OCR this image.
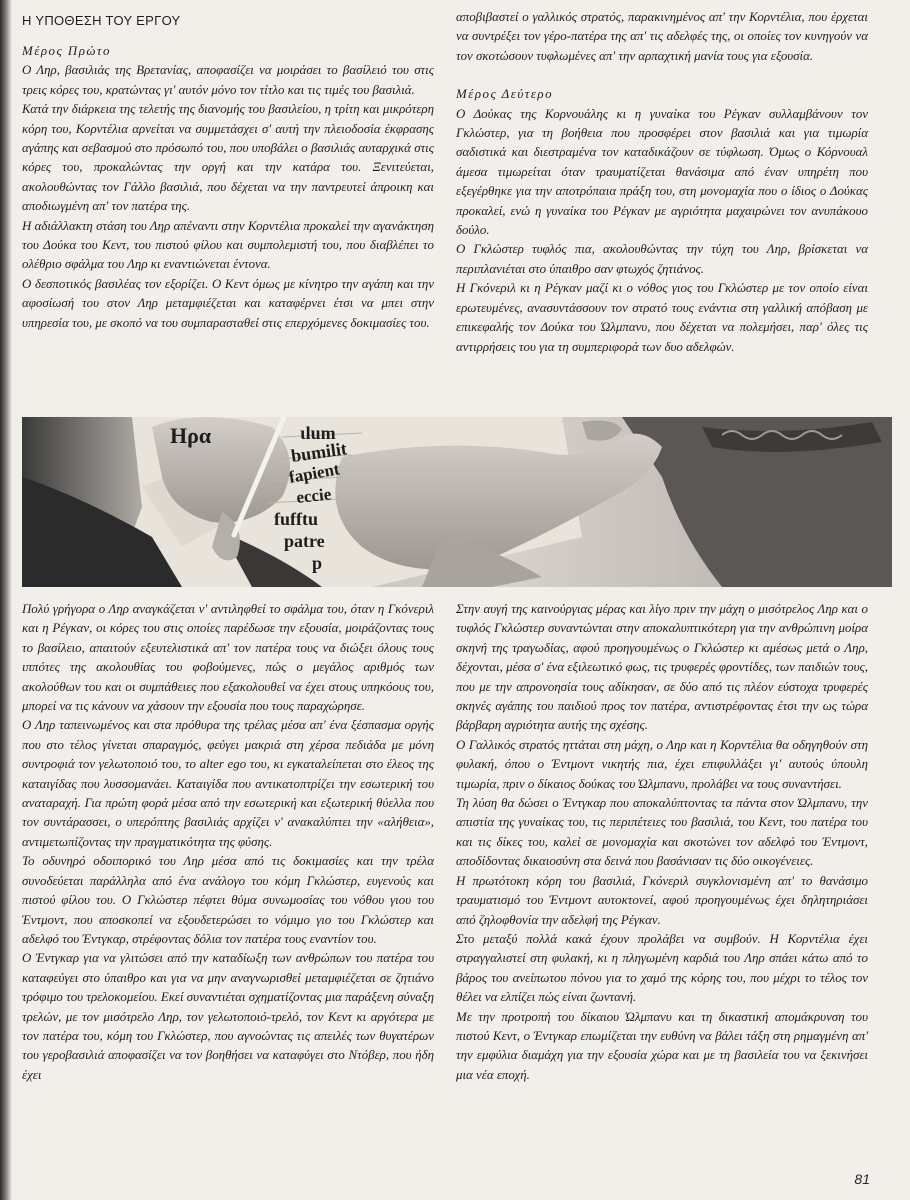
Η ΥΠΟΘΕΣΗ ΤΟΥ ΕΡΓΟΥ

Μέρος Πρώτο

Ο Ληρ, βασιλιάς της Βρετανίας, αποφασίζει να μοιράσει το βασίλειό του στις τρεις κόρες του, κρατώντας γι' αυτόν μόνο τον τίτλο και τις τιμές του βασιλιά.

Κατά την διάρκεια της τελετής της διανομής του βασιλείου, η τρίτη και μικρότερη κόρη του, Κορντέλια αρνείται να συμμετάσχει σ' αυτή την πλειοδοσία έκφρασης αγάπης και σεβασμού στο πρόσωπό του, που υποβάλει ο βασιλιάς αυταρχικά στις κόρες του, προκαλώντας την οργή και την κατάρα του. Ξενιτεύεται, ακολουθώντας τον Γάλλο βασιλιά, που δέχεται να την παντρευτεί άπροικη και αποδιωγμένη απ' τον πατέρα της.

Η αδιάλλακτη στάση του Ληρ απέναντι στην Κορντέλια προκαλεί την αγανάκτηση του Δούκα του Κεντ, του πιστού φίλου και συμπολεμιστή του, που διαβλέπει το ολέθριο σφάλμα του Ληρ κι εναντιώνεται έντονα.

Ο δεσποτικός βασιλέας τον εξορίζει. Ο Κεντ όμως με κίνητρο την αγάπη και την αφοσίωσή του στον Ληρ μεταμφιέζεται και καταφέρνει έτσι να μπει στην υπηρεσία του, με σκοπό να του συμπαρασταθεί στις επερχόμενες δοκιμασίες του.

αποβιβαστεί ο γαλλικός στρατός, παρακινημένος απ' την Κορντέλια, που έρχεται να συντρέξει τον γέρο-πατέρα της απ' τις αδελφές της, οι οποίες τον κυνηγούν να τον σκοτώσουν τυφλωμένες απ' την αρπαχτική μανία τους για εξουσία.

Μέρος Δεύτερο

Ο Δούκας της Κορνουάλης κι η γυναίκα του Ρέγκαν συλλαμβάνουν τον Γκλώστερ, για τη βοήθεια που προσφέρει στον βασιλιά και για τιμωρία σαδιστικά και διεστραμένα τον καταδικάζουν σε τύφλωση. Όμως ο Κόρνουαλ άμεσα τιμωρείται όταν τραυματίζεται θανάσιμα από έναν υπηρέτη που εξεγέρθηκε για την αποτρόπαια πράξη του, στη μονομαχία που ο ίδιος ο Δούκας προκαλεί, ενώ η γυναίκα του Ρέγκαν με αγριότητα μαχαιρώνει τον ανυπάκουο δούλο.

Ο Γκλώστερ τυφλός πια, ακολουθώντας την τύχη του Ληρ, βρίσκεται να περιπλανιέται στο ύπαιθρο σαν φτωχός ζητιάνος.

Η Γκόνεριλ κι η Ρέγκαν μαζί κι ο νόθος γιος του Γκλώστερ με τον οποίο είναι ερωτευμένες, ανασυντάσσουν τον στρατό τους ενάντια στη γαλλική απόβαση με επικεφαλής τον Δούκα του Ώλμπανυ, που δέχεται να πολεμήσει, παρ' όλες τις αντιρρήσεις του για τη συμπεριφορά των δυο αδελφών.

Ηρα	ιlum
bumilit
fapient
eccie
fufftu
patre
p

Πολύ γρήγορα ο Ληρ αναγκάζεται ν' αντιληφθεί το σφάλμα του, όταν η Γκόνεριλ και η Ρέγκαν, οι κόρες του στις οποίες παρέδωσε την εξουσία, μοιράζοντας τους το βασίλειο, απαιτούν εξευτελιστικά απ' τον πατέρα τους να διώξει όλους τους ιππότες της ακολουθίας του φοβούμενες, πώς ο μεγάλος αριθμός των ακολούθων του και οι συμπάθειες που εξακολουθεί να έχει στους υπηκόους του, μπορεί να τις κάνουν να χάσουν την εξουσία που τους παραχώρησε.

Ο Ληρ ταπεινωμένος και στα πρόθυρα της τρέλας μέσα απ' ένα ξέσπασμα οργής που στο τέλος γίνεται σπαραγμός, φεύγει μακριά στη χέρσα πεδιάδα με μόνη συντροφιά τον γελωτοποιό του, το alter ego του, κι εγκαταλείπεται στο έλεος της καταιγίδας που λυσσομανάει. Καταιγίδα που αντικατοπτρίζει την εσωτερική του αναταραχή. Για πρώτη φορά μέσα από την εσωτερική και εξωτερική θύελλα που τον συντάρασσει, ο υπερόπτης βασιλιάς αρχίζει ν' ανακαλύπτει την «αλήθεια», αντιμετωπίζοντας την πραγματικότητα της φύσης.

Το οδυνηρό οδοιπορικό του Ληρ μέσα από τις δοκιμασίες και την τρέλα συνοδεύεται παράλληλα από ένα ανάλογο του κόμη Γκλώστερ, ευγενούς και πιστού φίλου του. Ο Γκλώστερ πέφτει θύμα συνωμοσίας του νόθου γιου του Έντμοντ, που αποσκοπεί να εξουδετερώσει το νόμιμο γιο του Γκλώστερ και αδελφό του Έντγκαρ, στρέφοντας δόλια τον πατέρα τους εναντίον του.

Ο Έντγκαρ για να γλιτώσει από την καταδίωξη των ανθρώπων του πατέρα του καταφεύγει στο ύπαιθρο και για να μην αναγνωρισθεί μεταμφιέζεται σε ζητιάνο τρόφιμο του τρελοκομείου. Εκεί συναντιέται σχηματίζοντας μια παράξενη σύναξη τρελών, με τον μισότρελο Ληρ, τον γελωτοποιό-τρελό, τον Κεντ κι αργότερα με τον πατέρα του, κόμη του Γκλώστερ, που αγνοώντας τις απειλές των θυγατέρων του γεροβασιλιά αποφασίζει να τον βοηθήσει να καταφύγει στο Ντόβερ, που ήδη έχει

Στην αυγή της καινούργιας μέρας και λίγο πριν την μάχη ο μισότρελος Ληρ και ο τυφλός Γκλώστερ συναντώνται στην αποκαλυπτικότερη για την ανθρώπινη μοίρα σκηνή της τραγωδίας, αφού προηγουμένως ο Γκλώστερ κι αμέσως μετά ο Ληρ, δέχονται, μέσα σ' ένα εξιλεωτικό φως, τις τρυφερές φροντίδες, των παιδιών τους, που με την απρονοησία τους αδίκησαν, σε δύο από τις πλέον εύστοχα τρυφερές σκηνές αγάπης του παιδιού προς τον πατέρα, αντιστρέφοντας έτσι την ως τώρα βάρβαρη αγριότητα αυτής της σχέσης.

Ο Γαλλικός στρατός ηττάται στη μάχη, ο Ληρ και η Κορντέλια θα οδηγηθούν στη φυλακή, όπου ο Έντμοντ νικητής πια, έχει επιφυλλάξει γι' αυτούς ύπουλη τιμωρία, πριν ο δίκαιος δούκας του Ώλμπανυ, προλάβει να τους συναντήσει.

Τη λύση θα δώσει ο Έντγκαρ που αποκαλύπτοντας τα πάντα στον Ώλμπανυ, την απιστία της γυναίκας του, τις περιπέτειες του βασιλιά, του Κεντ, του πατέρα του και τις δίκες του, καλεί σε μονομαχία και σκοτώνει τον αδελφό του Έντμοντ, αποδίδοντας δικαιοσύνη στα δεινά που βασάνισαν τις δύο οικογένειες.

Η πρωτότοκη κόρη του βασιλιά, Γκόνεριλ συγκλονισμένη απ' το θανάσιμο τραυματισμό του Έντμοντ αυτοκτονεί, αφού προηγουμένως έχει δηλητηριάσει από ζηλοφθονία την αδελφή της Ρέγκαν.

Στο μεταξύ πολλά κακά έχουν προλάβει να συμβούν. Η Κορντέλια έχει στραγγαλιστεί στη φυλακή, κι η πληγωμένη καρδιά του Ληρ σπάει κάτω από το βάρος του ανείπωτου πόνου για το χαμό της κόρης του, που μέχρι το τέλος τον θέλει να ελπίζει πώς είναι ζωντανή.

Με την προτροπή του δίκαιου Ώλμπανυ και τη δικαστική απομάκρυνση του πιστού Κεντ, ο Έντγκαρ επωμίζεται την ευθύνη να βάλει τάξη στη ρημαγμένη απ' την εμφύλια διαμάχη για την εξουσία χώρα και με τη βασιλεία του να ξεκινήσει μια νέα εποχή.

81
